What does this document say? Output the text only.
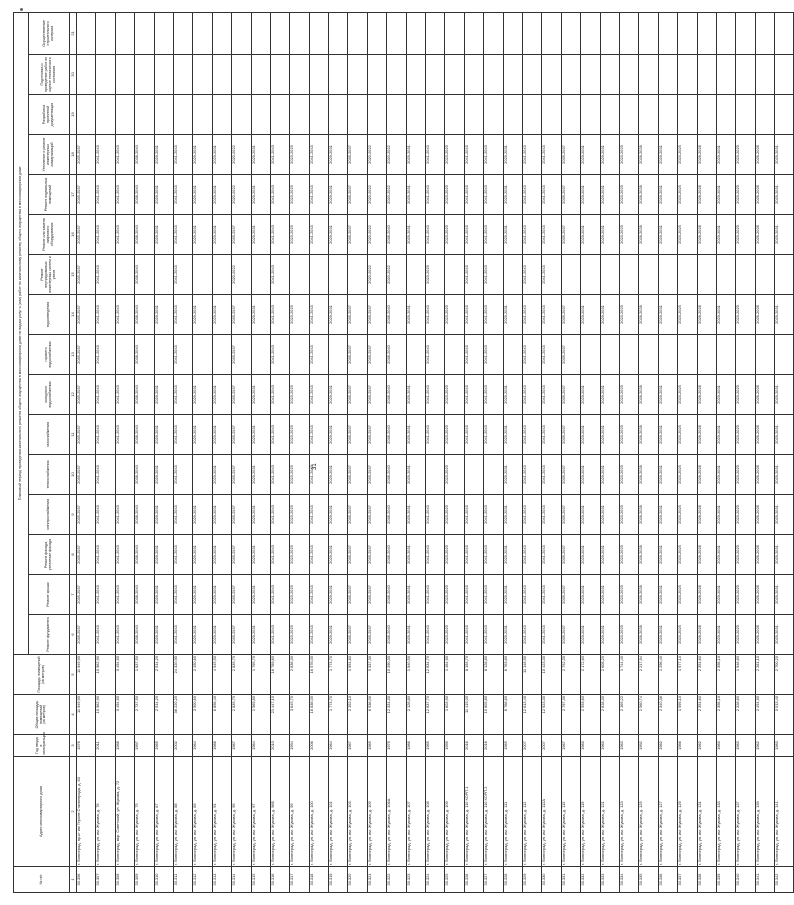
31
№ п/п	Адрес многоквартирного дома	Год ввода в эксплуатацию	Общая площадь помещений (кв.метров)	Площадь помещений (кв.метров)	Плановый период проведения капитального ремонта общего имущества в многоквартирном доме по видам услуг и (или) работ по капитальному ремонту общего имущества в многоквартирном доме															
					Ремонт фундамента	Ремонт крыши	Ремонт фасада, утепление фасада	электроснабжения	теплоснабжения	газоснабжения	холодного водоснабжения	горячего водоснабжения	водоотведения	Ремонт внутридомовых инженерных систем и узлов	Ремонт или замена лифтового оборудования	Ремонт подвальных помещений	Утепление и ремонт инженерных коммуникаций	Разработка проектной документации	Подготовка и проведение работ по оценке технического состояния	Осуществление строительного контроля
1	2	3	4	5	6	7	8	9	10	11	12	13	14	15	16	17	18	19	20	21
30.306	г. Волгоград, пр-кт им Героев Сталинграда, д. 63	1976	11 949,90	11 949,90	2035-2037	2035-2037	2035-2037	2035-2037	2035-2037	2035-2037	2035-2037	2035-2037	2035-2037	2035-2037	2035-2037	2035-2037	2035-2037			
30.307	г. Волгоград, ул. им. Жукова, д. 76	2011	10 962,90	10 962,90	2041-2043	2041-2043	2041-2043	2041-2043	2041-2043	2041-2043	2041-2043	2041-2043	2041-2043	2041-2043	2041-2043	2041-2043	2041-2043			
30.308	г. Волгоград, мкр. Советский, ул. Жукова, д. 72	1988	3 494,90	3 494,90	2041-2043	2041-2043	2041-2043	2041-2043		2041-2043	2041-2043		2041-2043		2041-2043	2041-2043	2041-2043			
30.309	г. Волгоград, ул. им. Жукова, д. 75	1997	2 737,50	1 837,50	2038-2040	2038-2040	2038-2040	2038-2040	2038-2040	2038-2040	2038-2040	2038-2040	2038-2040	2038-2040	2038-2040	2038-2040	2038-2040			
30.310	г. Волгоград, ул. им. Жукова, д. 87	1965	2 514,20	2 514,20	2029-2031	2029-2031	2029-2031	2029-2031	2029-2031	2029-2031	2029-2031		2029-2031		2029-2031	2029-2031	2029-2031			
30.311	г. Волгоград, ул. им. Жукова, д. 88	2002	36 220,20	24 320,90	2041-2043	2041-2043	2041-2043	2041-2043	2041-2043	2041-2043	2041-2043	2041-2043	2041-2043	2041-2043	2041-2043	2041-2043	2041-2043			
30.312	г. Волгоград, ул. им. Жукова, д. 89	1964	3 500,60	2 450,60	2029-2031	2029-2031	2029-2031	2029-2031		2029-2031	2029-2031		2029-2031		2029-2031	2029-2031	2029-2031			
30.313	г. Волгоград, ул. им. Жукова, д. 91	1966	6 856,40	4 545,50	2029-2031	2029-2031	2029-2031	2029-2031	2029-2031	2029-2031	2029-2031		2029-2031		2029-2031	2029-2031	2029-2031			
30.314	г. Волгоград, ул. им. Жукова, д. 95	1967	2 835,70	2 835,70	2035-2037	2035-2037	2035-2037	2035-2037	2035-2037	2035-2037	2035-2037	2035-2037	2035-2037	2020-2022	2035-2037	2020-2022	2020-2022			
30.315	г. Волгоград, ул. им. Жукова, д. 97	1964	2 569,80	1 795,70	2029-2031	2029-2031	2029-2031	2029-2031	2029-2031	2029-2031	2029-2031		2029-2031		2029-2031	2029-2031	2029-2031			
30.316	г. Волгоград, ул. им. Жукова, д. 98Б	2010	21 447,10	16 789,60	2041-2043	2041-2043	2041-2043	2041-2043	2041-2043	2041-2043	2041-2043	2041-2043	2041-2043	2041-2043	2041-2043	2041-2043	2041-2043			
30.317	г. Волгоград, ул. им. Жукова, д. 99	1994	3 645,70	2 636,30	2023-2025	2023-2025	2023-2025	2023-2025	2023-2025	2023-2025	2023-2025		2023-2025		2023-2025	2023-2025	2023-2025			
30.318	г. Волгоград, ул. им. Жукова, д. 100	2006	16 836,00	16 576,00	2041-2043	2041-2043	2041-2043	2041-2043	2041-2043	2041-2043	2041-2043	2041-2043	2041-2043		2041-2043	2041-2043	2041-2043			
30.319	г. Волгоград, ул. им. Жукова, д. 101	1964	1 773,70	1 773,70	2029-2031	2029-2031	2029-2031	2029-2031	2029-2031	2029-2031	2029-2031		2029-2031		2029-2031	2029-2031	2029-2031			
30.320	г. Волгоград, ул. им. Жукова, д. 103	1967	2 152,10	1 951,80	2035-2037	2035-2037	2035-2037	2035-2037	2035-2037	2035-2037	2035-2037	2035-2037	2035-2037		2035-2037	2035-2037	2035-2037			
30.321	г. Волгоград, ул. им. Жукова, д. 105	1965	6 536,00	5 337,30	2035-2037	2035-2037	2035-2037	2035-2037	2035-2037	2035-2037	2035-2037	2035-2037	2035-2037	2020-2022	2020-2022	2020-2022	2020-2022			
30.322	г. Волгоград, ул. им. Жукова, д. 106А	1979	12 331,30	10 290,30	2038-2040	2038-2040	2038-2040	2038-2040	2038-2040	2038-2040	2038-2040	2038-2040	2038-2040	2020-2022	2038-2040	2020-2022	2020-2022			
30.323	г. Волгоград, ул. им. Жукова, д. 107	1968	2 128,80	1 940,50	2029-2031	2029-2031	2029-2031	2029-2031	2029-2031	2029-2031	2029-2031		2029-2031		2029-2031	2029-2031	2029-2031			
30.324	г. Волгоград, ул. им. Жукова, д. 108	1985	12 637,70	12 634,70	2041-2043	2041-2043	2041-2043	2041-2043		2041-2043	2041-2043	2041-2043	2041-2043	2023-2025	2041-2043	2041-2043	2041-2043			
30.325	г. Волгоград, ул. им. Жукова, д. 109	1995	1 603,90	1 464,90	2023-2025	2023-2025	2023-2025	2023-2025	2023-2025	2023-2025	2023-2025		2023-2025		2023-2025	2023-2025	2023-2025			
30.326	г. Волгоград, ул. им. Жукова, д. 110 КОРП.1	2016	11 415,00	8 193,70	2041-2043	2041-2043	2041-2043	2041-2043		2041-2043	2041-2043	2041-2043	2041-2043	2041-2043	2041-2043	2041-2043	2041-2043			
30.327	г. Волгоград, ул. им. Жукова, д. 110 КОРП.2	2016	10 805,80	8 128,80	2041-2043	2041-2043	2041-2043	2041-2043		2041-2043	2041-2043	2041-2043	2041-2043	2041-2043	2041-2043	2041-2043	2041-2043			
30.328	г. Волгоград, ул. им. Жукова, д. 111	1965	8 766,60	6 763,60	2029-2031	2029-2031	2029-2031	2029-2031	2029-2031	2029-2031	2029-2031		2029-2031		2029-2031	2029-2031	2029-2031			
30.329	г. Волгоград, ул. им. Жукова, д. 112	2007	12 613,40	11 148,90	2041-2043	2041-2043	2041-2043	2041-2043	2041-2043	2041-2043	2041-2043	2041-2043	2041-2043	2041-2043	2041-2043	2041-2043	2041-2043			
30.330	г. Волгоград, ул. им. Жукова, д. 112А	2007	12 923,30	10 423,30	2041-2043	2041-2043	2041-2043	2041-2043	2041-2043	2041-2043	2041-2043	2041-2043	2041-2043	2041-2043	2041-2043	2041-2043	2041-2043			
30.331	г. Волгоград, ул. им. Жукова, д. 115	1967	2 797,30	2 752,30	2035-2037	2035-2037	2035-2037	2035-2037	2035-2037	2035-2037	2035-2037	2035-2037	2035-2037		2035-2037	2035-2037	2035-2037			
30.332	г. Волгоград, ул. им. Жукова, д. 119	1963	2 553,60	2 172,60	2029-2031	2029-2031	2029-2031	2029-2031	2029-2031	2029-2031	2029-2031		2029-2031		2029-2031	2029-2031	2029-2031			
30.333	г. Волгоград, ул. им. Жукова, д. 121	1963	2 628,30	2 608,20	2029-2031	2029-2031	2029-2031	2029-2031	2029-2031	2029-2031	2029-2031		2029-2031		2029-2031	2029-2031	2029-2031			
30.334	г. Волгоград, ул. им. Жукова, д. 123	1963	2 165,22	1 744,40	2023-2025	2023-2025	2023-2025	2023-2025	2023-2025	2023-2025	2023-2025		2023-2025		2023-2025	2023-2025	2023-2025			
30.335	г. Волгоград, ул. им. Жукова, д. 125	1992	2 560,74	2 217,94	2026-2028	2026-2028	2026-2028	2026-2028	2026-2028	2026-2028	2026-2028		2026-2028		2026-2028	2026-2028	2026-2028			
30.336	г. Волгоград, ул. им. Жукова, д. 127	1962	2 340,36	1 296,40	2029-2031	2029-2031	2029-2031	2029-2031	2029-2031	2029-2031	2029-2031		2029-2031		2029-2031	2029-2031	2029-2031			
30.337	г. Волгоград, ул. им. Жукова, д. 129	1966	1 595,10	1 577,10	2023-2025	2023-2025	2023-2025	2023-2025	2023-2025	2023-2025	2023-2025		2023-2025		2023-2025	2023-2025	2023-2025			
30.338	г. Волгоград, ул. им. Жукова, д. 131	1962	2 351,60	2 351,60	2026-2028	2026-2028	2026-2028	2026-2028	2026-2028	2026-2028	2026-2028		2026-2028		2026-2028	2026-2028	2026-2028			
30.339	г. Волгоград, ул. им. Жукова, д. 133	1963	2 356,10	2 356,10	2029-2031	2029-2031	2029-2031	2029-2031	2029-2031	2029-2031	2029-2031		2029-2031		2029-2031	2029-2031	2029-2031			
30.340	г. Волгоград, ул. им. Жукова, д. 137	1963	2 328,60	1 946,60	2023-2025	2023-2025	2023-2025	2023-2025	2023-2025	2023-2025	2023-2025		2023-2025		2023-2025	2023-2025	2023-2025			
30.341	г. Волгоград, ул. им. Жукова, д. 139	1962	2 451,90	2 281,10	2026-2028	2026-2028	2026-2028	2026-2028	2026-2028	2026-2028	2026-2028		2026-2028		2026-2028	2026-2028	2026-2028			
30.342	г. Волгоград, ул. им. Жукова, д. 141	1963	3 013,40	2 700,20	2029-2031	2029-2031	2029-2031	2029-2031	2029-2031	2029-2031	2029-2031		2029-2031		2029-2031	2029-2031	2029-2031			
